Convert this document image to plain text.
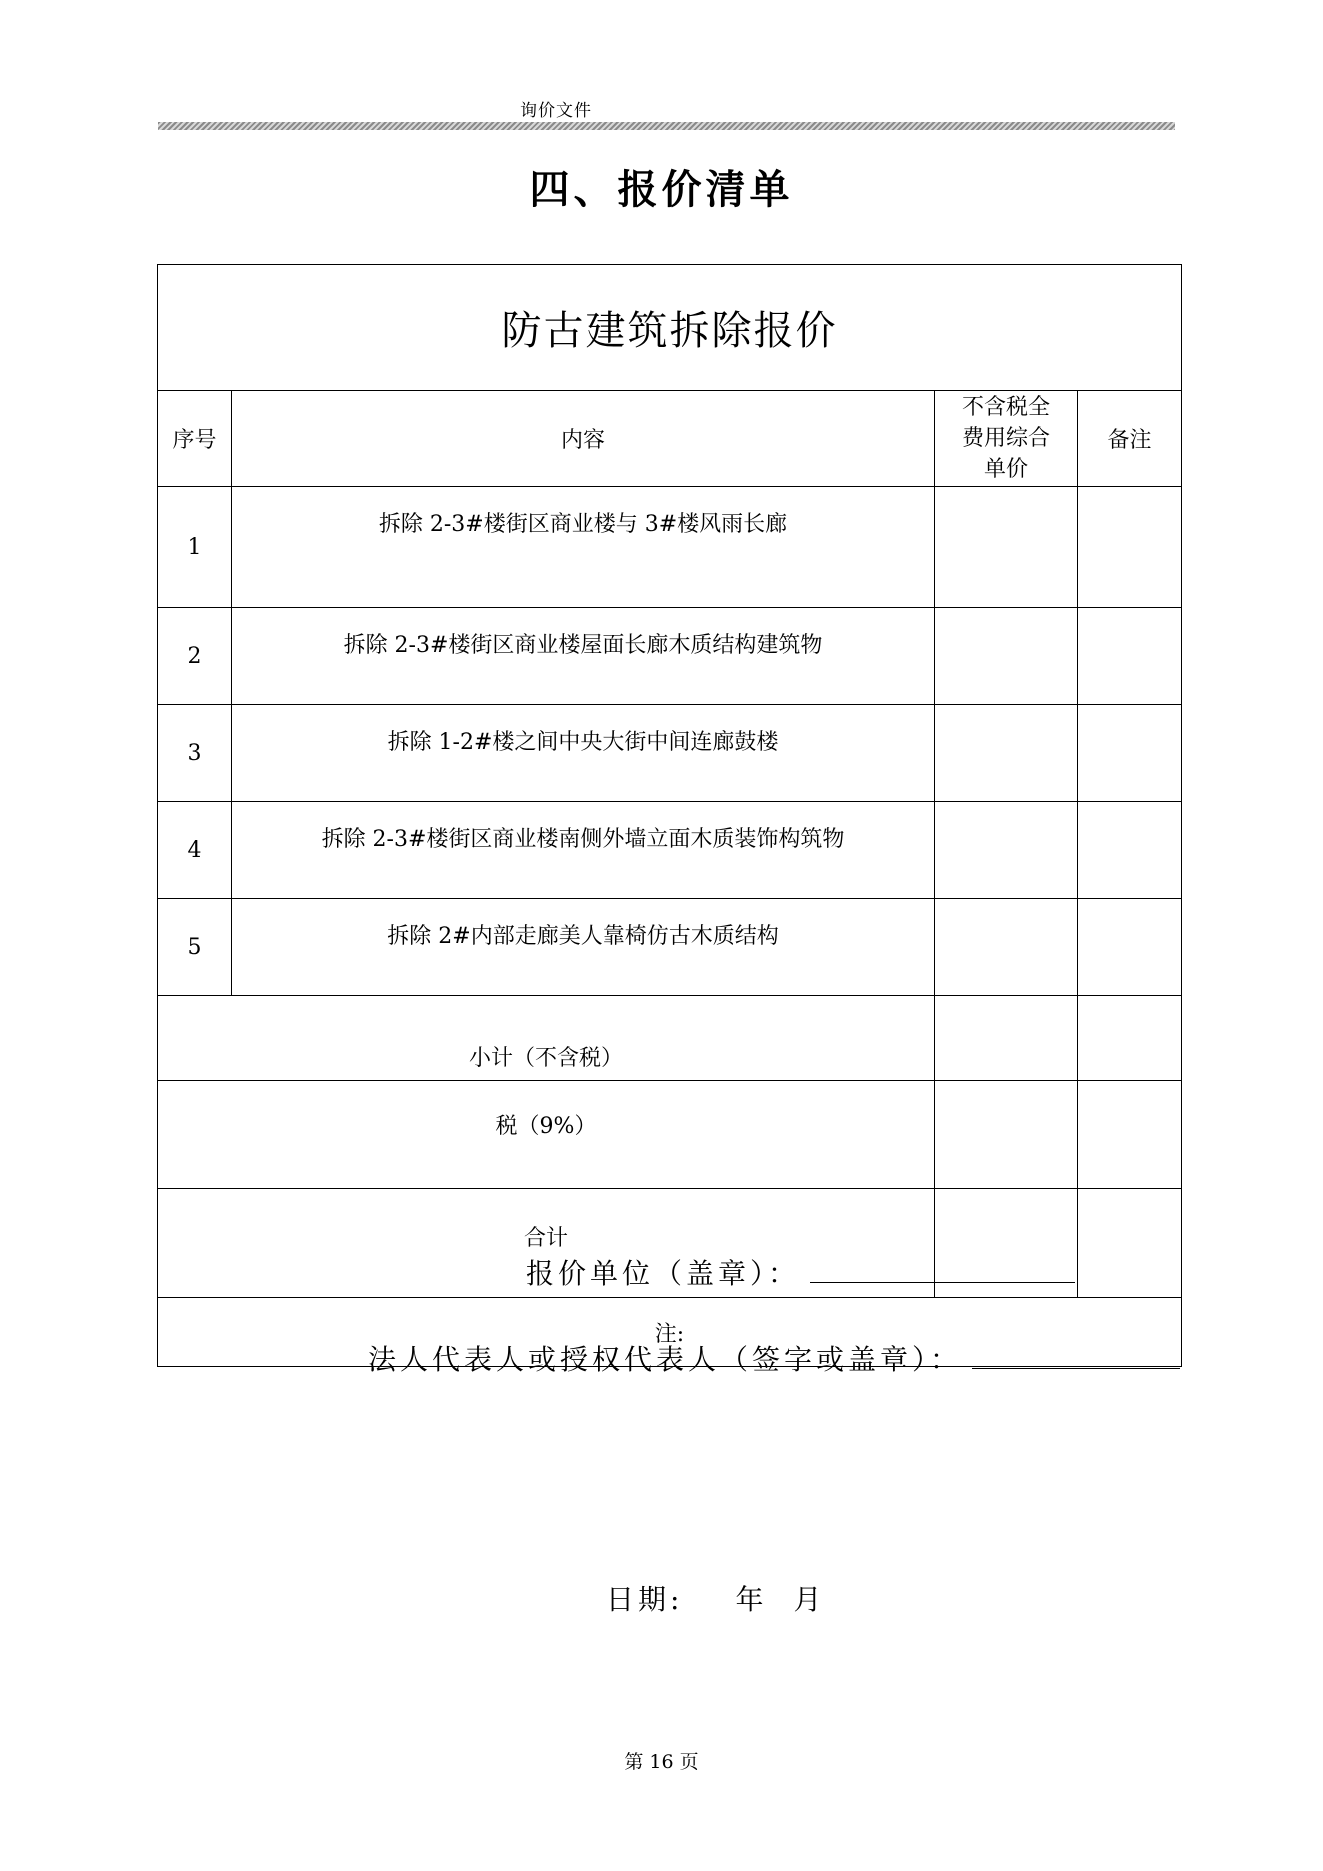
询价文件
四、报价清单
防古建筑拆除报价			
序号	内容	不含税全
费用综合
单价	备注
1	拆除 2-3#楼街区商业楼与 3#楼风雨长廊		
2	拆除 2-3#楼街区商业楼屋面长廊木质结构建筑物		
3	拆除 1-2#楼之间中央大街中间连廊鼓楼		
4	拆除 2-3#楼街区商业楼南侧外墙立面木质装饰构筑物		
5	拆除 2#内部走廊美人靠椅仿古木质结构		
小计（不含税）			
税（9%）			
合计			
注:			
报价单位（盖章）：
法人代表人或授权代表人（签字或盖章）：
日期: 年 月
第 16 页
